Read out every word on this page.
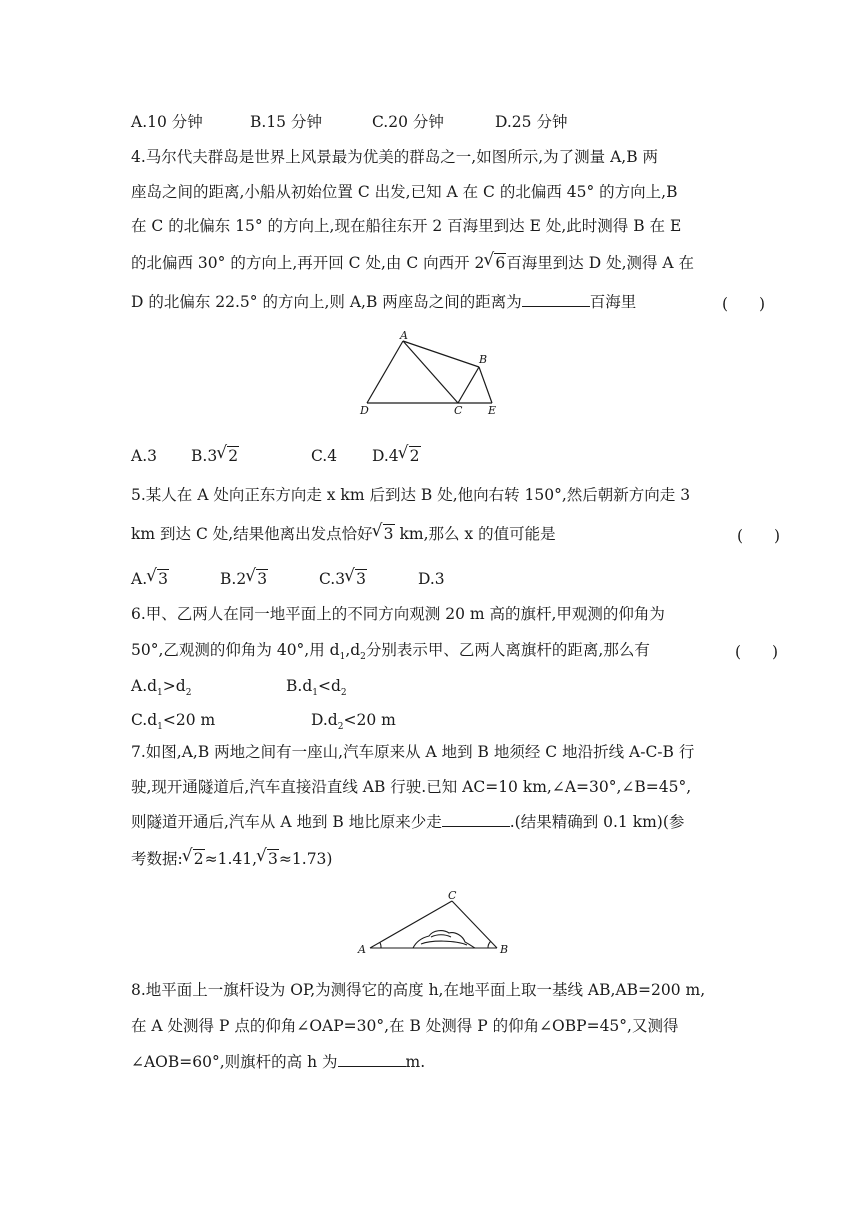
A.10 分钟	B.15 分钟	C.20 分钟	D.25 分钟
4.马尔代夫群岛是世界上风景最为优美的群岛之一,如图所示,为了测量 A,B 两
座岛之间的距离,小船从初始位置 C 出发,已知 A 在 C 的北偏西 45° 的方向上,B
在 C 的北偏东 15° 的方向上,现在船往东开 2 百海里到达 E 处,此时测得 B 在 E
的北偏西 30° 的方向上,再开回 C 处,由 C 向西开 2 √ 6百海里到达 D 处,测得 A 在
D 的北偏东 22.5° 的方向上,则 A,B 两座岛之间的距离为	百海里	(　　)
A
B
D	C E
A.3 B.3 √ 2	C.4 D.4 √ 2
5.某人在 A 处向正东方向走 x km 后到达 B 处,他向右转 150°,然后朝新方向走 3
km 到达 C 处,结果他离出发点恰好 √ 3 km,那么 x 的值可能是	(　　)
A. √ 3	B.2 √ 3	C.3 √ 3	D.3
6.甲、乙两人在同一地平面上的不同方向观测 20 m 高的旗杆,甲观测的仰角为
50°,乙观测的仰角为 40°,用 $d_1,d_2$分别表示甲、乙两人离旗杆的距离,那么有	(　　)
$A.d_1>d_2$	$B.d_1<d_2$
$C.d_1<20$ m	$D.d_2<20$ m
7.如图,A,B 两地之间有一座山,汽车原来从 A 地到 B 地须经 C 地沿折线 A-C-B 行
驶,现开通隧道后,汽车直接沿直线 AB 行驶.已知 AC=10 km,∠A=30°,∠B=45°,
则隧道开通后,汽车从 A 地到 B 地比原来少走	.(结果精确到 0.1 km)(参
考数据: √ 2≈1.41, √ 3≈1.73)
C
A	B
8.地平面上一旗杆设为 OP,为测得它的高度 h,在地平面上取一基线 AB,AB=200 m,
在 A 处测得 P 点的仰角∠OAP=30°,在 B 处测得 P 的仰角∠OBP=45°,又测得
∠AOB=60°,则旗杆的高 h 为	m.
